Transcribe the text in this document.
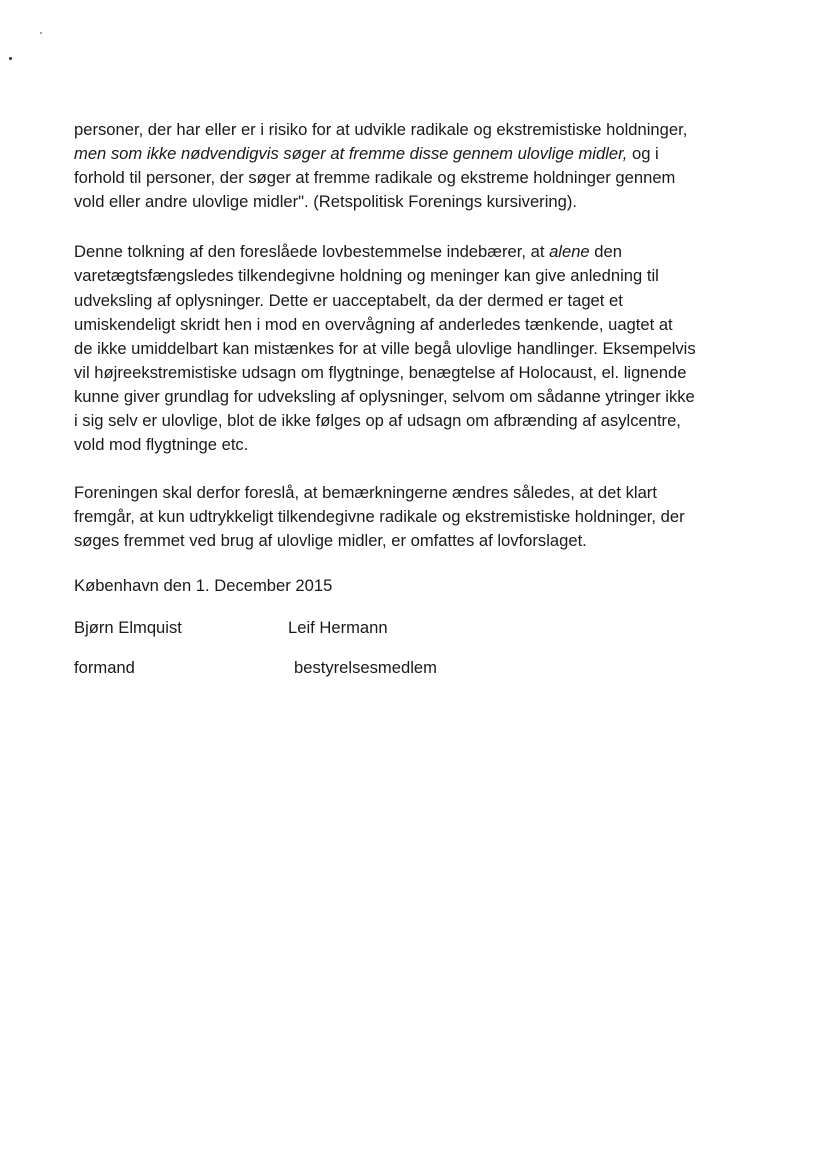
personer, der har eller er i risiko for at udvikle radikale og ekstremistiske holdninger,
men som ikke nødvendigvis søger at fremme disse gennem ulovlige midler, og i
forhold til personer, der søger at fremme radikale og ekstreme holdninger gennem
vold eller andre ulovlige midler". (Retspolitisk Forenings kursivering).
Denne tolkning af den foreslåede lovbestemmelse indebærer, at alene den
varetægtsfængsledes tilkendegivne holdning og meninger kan give anledning til
udveksling af oplysninger. Dette er uacceptabelt, da der dermed er taget et
umiskendeligt skridt hen i mod en overvågning af anderledes tænkende, uagtet at
de ikke umiddelbart kan mistænkes for at ville begå ulovlige handlinger. Eksempelvis
vil højreekstremistiske udsagn om flygtninge, benægtelse af Holocaust, el. lignende
kunne giver grundlag for udveksling af oplysninger, selvom om sådanne ytringer ikke
i sig selv er ulovlige, blot de ikke følges op af udsagn om afbrænding af asylcentre,
vold mod flygtninge etc.
Foreningen skal derfor foreslå, at bemærkningerne ændres således, at det klart
fremgår, at kun udtrykkeligt tilkendegivne radikale og ekstremistiske holdninger, der
søges fremmet ved brug af ulovlige midler, er omfattes af lovforslaget.
København den 1. December 2015
Bjørn Elmquist	Leif Hermann
formand	bestyrelsesmedlem
